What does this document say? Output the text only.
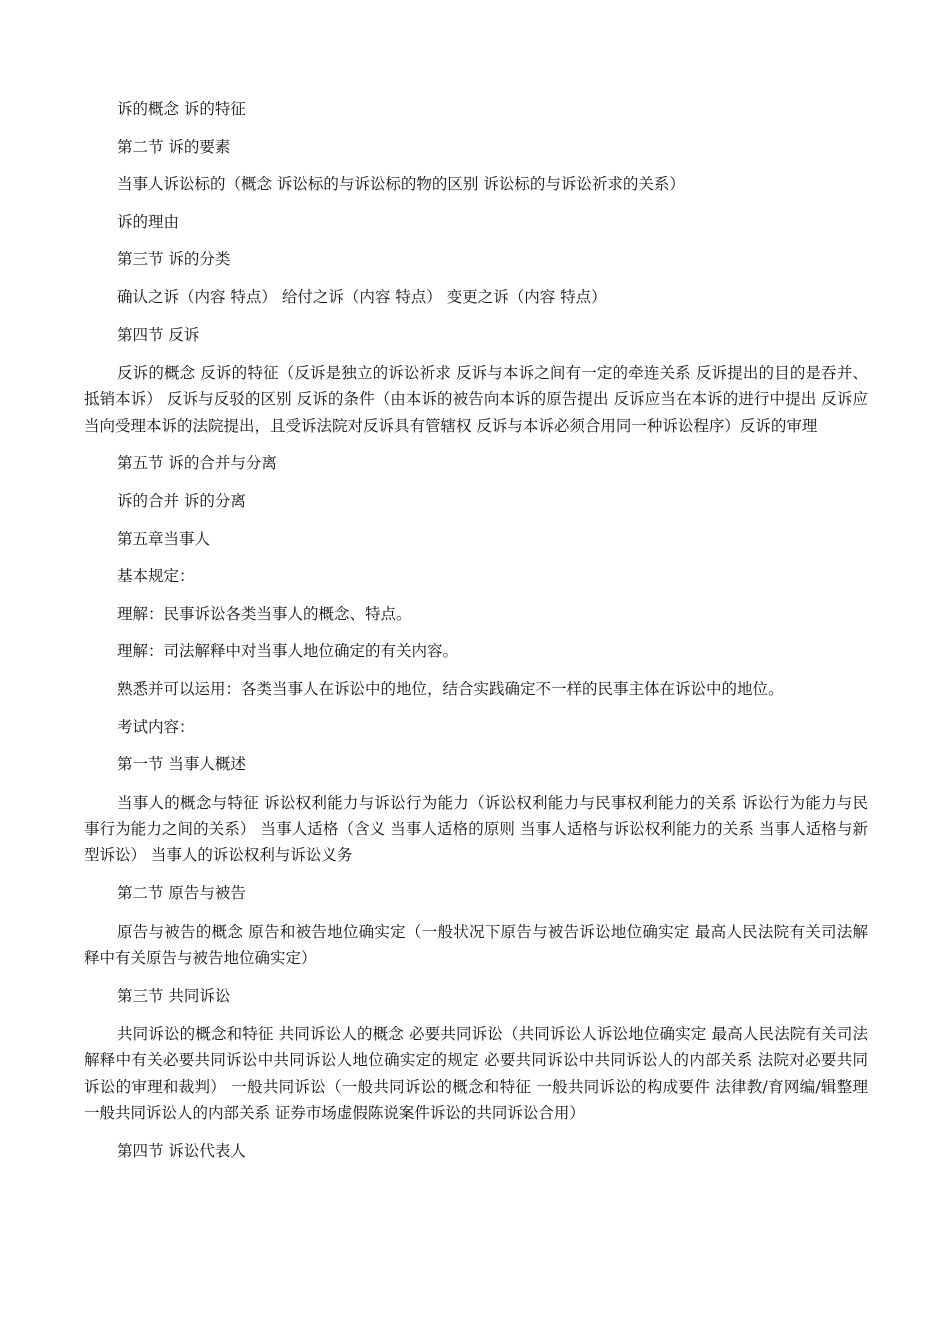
诉的概念 诉的特征

第二节 诉的要素

当事人诉讼标的（概念 诉讼标的与诉讼标的物的区别 诉讼标的与诉讼祈求的关系）

诉的理由

第三节 诉的分类

确认之诉（内容 特点） 给付之诉（内容 特点） 变更之诉（内容 特点）

第四节 反诉

反诉的概念 反诉的特征（反诉是独立的诉讼祈求 反诉与本诉之间有一定的牵连关系 反诉提出的目的是吞并、抵销本诉） 反诉与反驳的区别 反诉的条件（由本诉的被告向本诉的原告提出 反诉应当在本诉的进行中提出 反诉应当向受理本诉的法院提出，且受诉法院对反诉具有管辖权 反诉与本诉必须合用同一种诉讼程序）反诉的审理

第五节 诉的合并与分离

诉的合并 诉的分离

第五章当事人

基本规定：

理解：民事诉讼各类当事人的概念、特点。

理解：司法解释中对当事人地位确定的有关内容。

熟悉并可以运用：各类当事人在诉讼中的地位，结合实践确定不一样的民事主体在诉讼中的地位。

考试内容：

第一节 当事人概述

当事人的概念与特征 诉讼权利能力与诉讼行为能力（诉讼权利能力与民事权利能力的关系 诉讼行为能力与民事行为能力之间的关系） 当事人适格（含义 当事人适格的原则 当事人适格与诉讼权利能力的关系 当事人适格与新型诉讼） 当事人的诉讼权利与诉讼义务

第二节 原告与被告

原告与被告的概念 原告和被告地位确实定（一般状况下原告与被告诉讼地位确实定 最高人民法院有关司法解释中有关原告与被告地位确实定）

第三节 共同诉讼

共同诉讼的概念和特征 共同诉讼人的概念 必要共同诉讼（共同诉讼人诉讼地位确实定 最高人民法院有关司法解释中有关必要共同诉讼中共同诉讼人地位确实定的规定 必要共同诉讼中共同诉讼人的内部关系 法院对必要共同诉讼的审理和裁判） 一般共同诉讼（一般共同诉讼的概念和特征 一般共同诉讼的构成要件 法律教/育网编/辑整理 一般共同诉讼人的内部关系 证券市场虚假陈说案件诉讼的共同诉讼合用）

第四节 诉讼代表人
